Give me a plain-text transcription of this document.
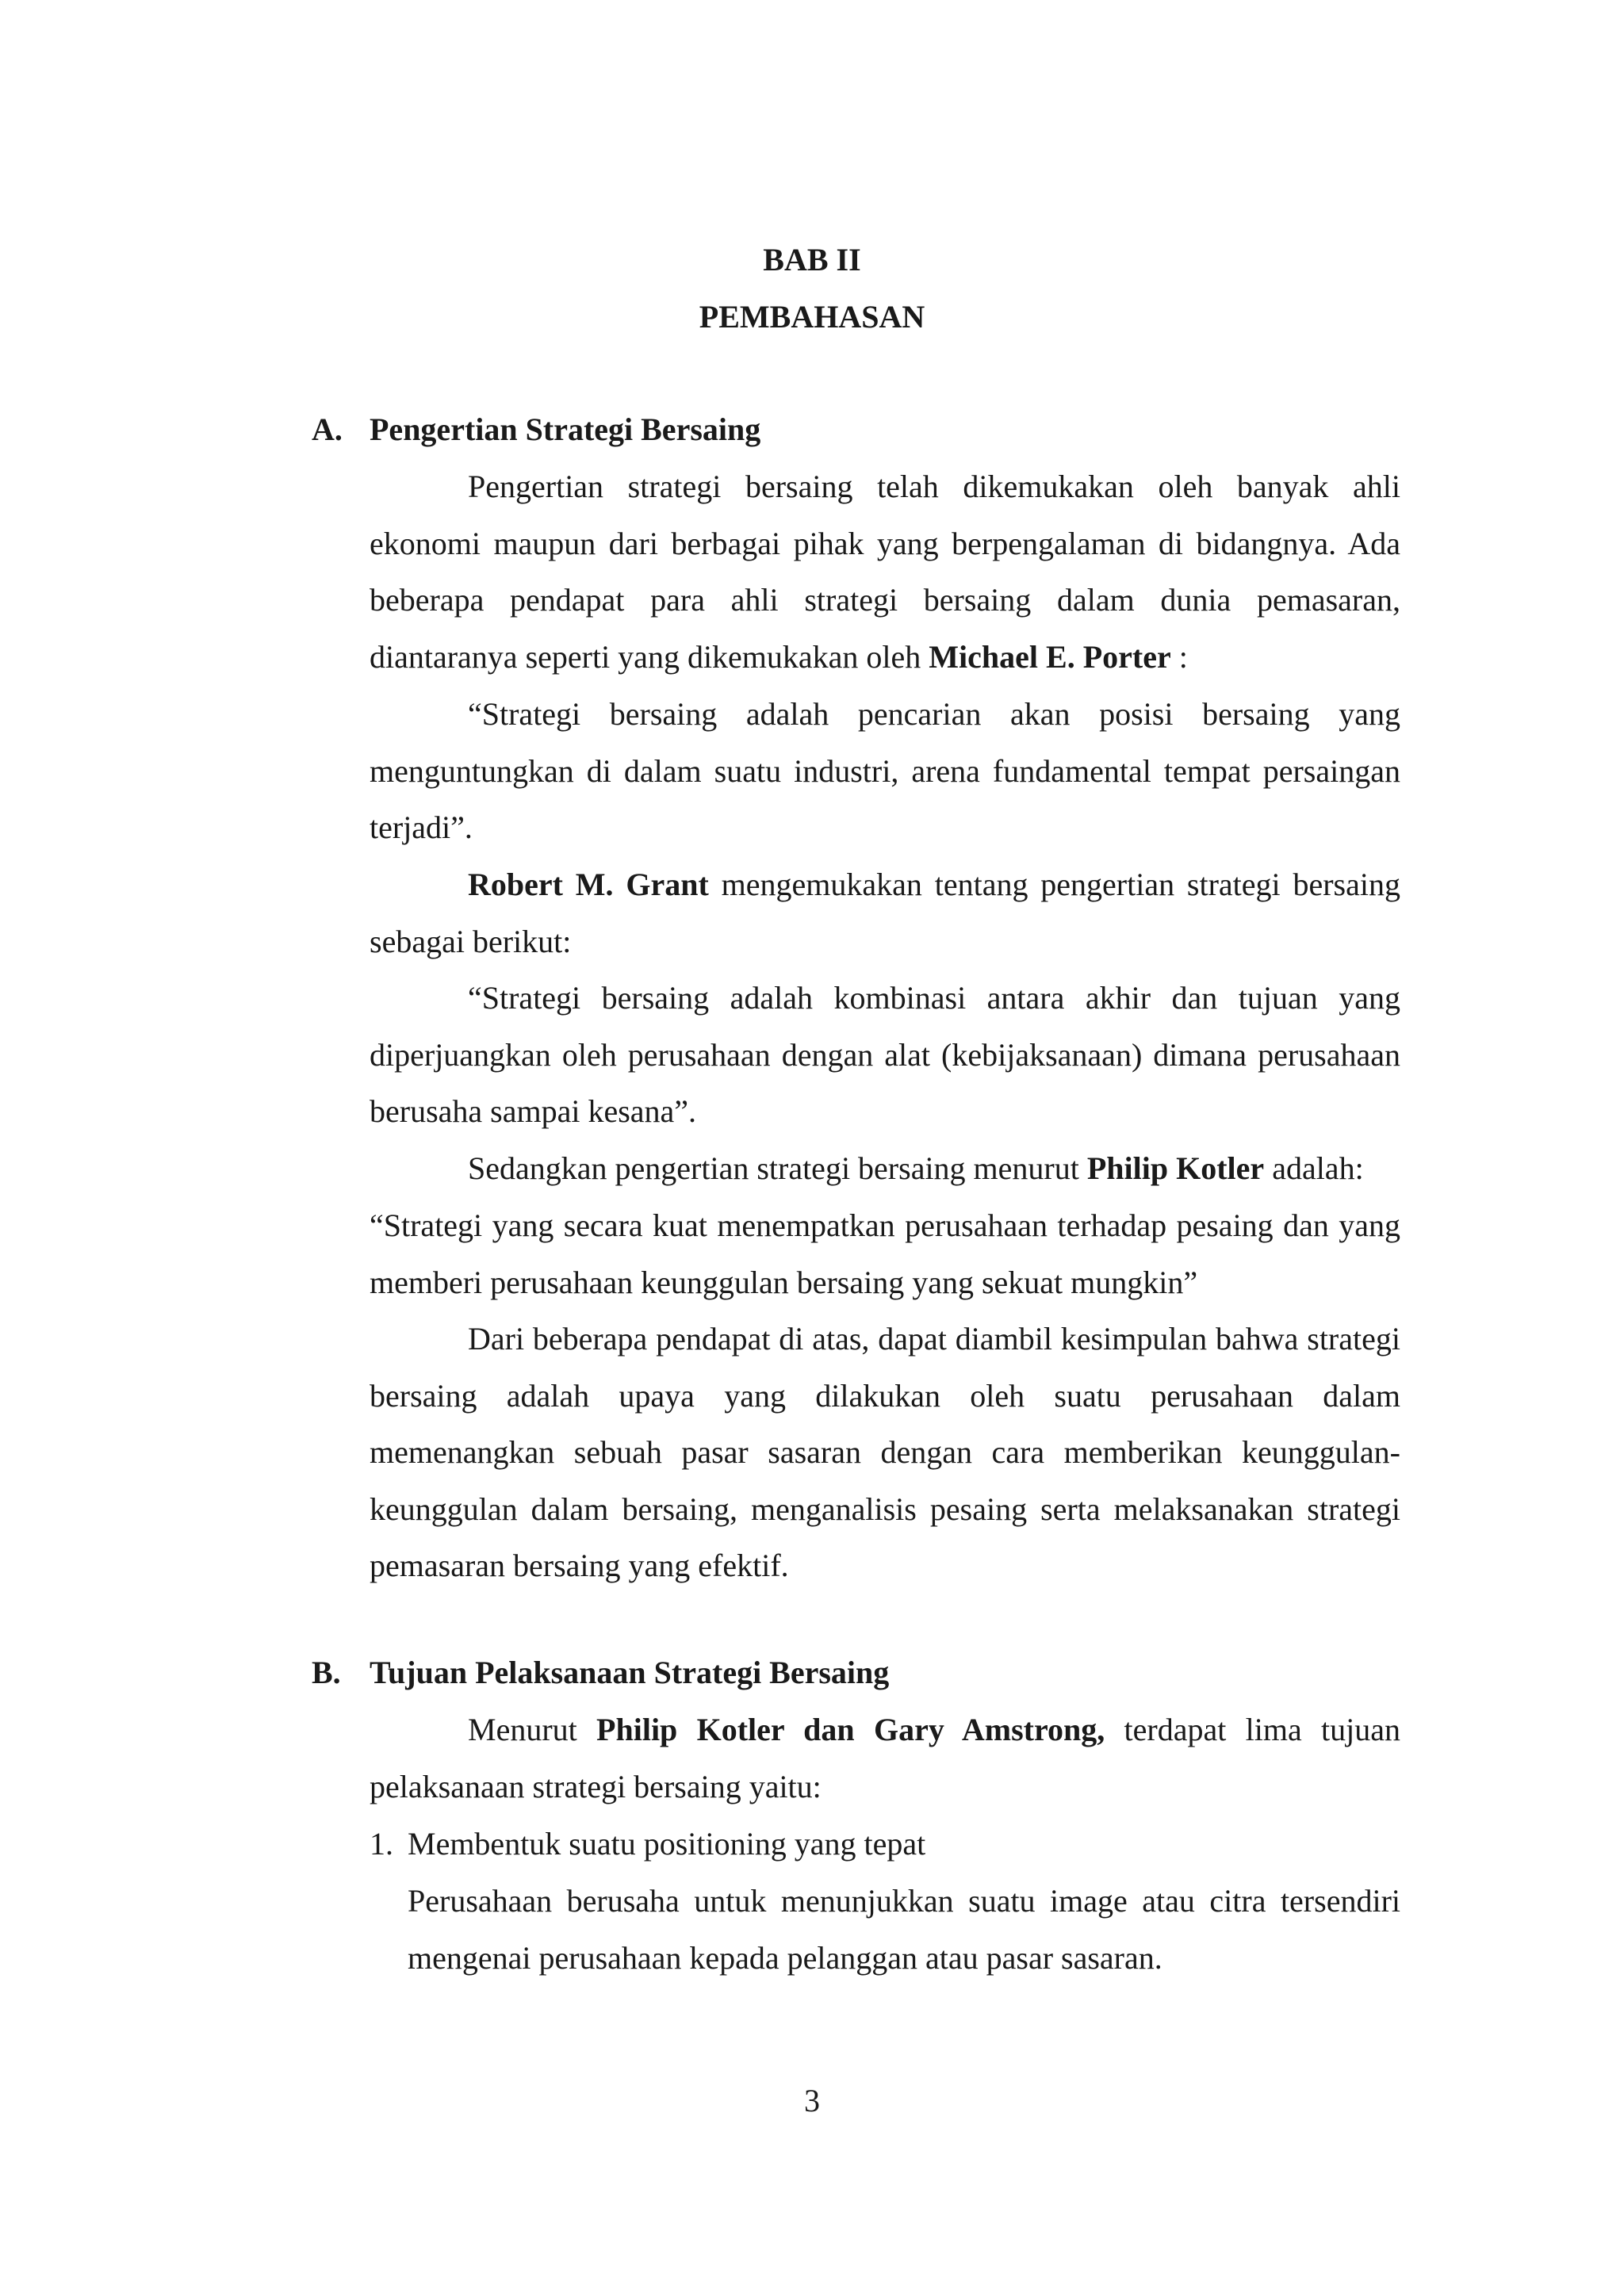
BAB II
PEMBAHASAN
A. Pengertian Strategi Bersaing

Pengertian strategi bersaing telah dikemukakan oleh banyak ahli ekonomi maupun dari berbagai pihak yang berpengalaman di bidangnya. Ada beberapa pendapat para ahli strategi bersaing dalam dunia pemasaran, diantaranya seperti yang dikemukakan oleh Michael E. Porter :

“Strategi bersaing adalah pencarian akan posisi bersaing yang menguntungkan di dalam suatu industri, arena fundamental tempat persaingan terjadi”.

Robert M. Grant mengemukakan tentang pengertian strategi bersaing sebagai berikut:

“Strategi bersaing adalah kombinasi antara akhir dan tujuan yang diperjuangkan oleh perusahaan dengan alat (kebijaksanaan) dimana perusahaan berusaha sampai kesana”.

Sedangkan pengertian strategi bersaing menurut Philip Kotler adalah:

“Strategi yang secara kuat menempatkan perusahaan terhadap pesaing dan yang memberi perusahaan keunggulan bersaing yang sekuat mungkin”

Dari beberapa pendapat di atas, dapat diambil kesimpulan bahwa strategi bersaing adalah upaya yang dilakukan oleh suatu perusahaan dalam memenangkan sebuah pasar sasaran dengan cara memberikan keunggulan-keunggulan dalam bersaing, menganalisis pesaing serta melaksanakan strategi pemasaran bersaing yang efektif.

B. Tujuan Pelaksanaan Strategi Bersaing

Menurut Philip Kotler dan Gary Amstrong, terdapat lima tujuan pelaksanaan strategi bersaing yaitu:

1. Membentuk suatu positioning yang tepat

Perusahaan berusaha untuk menunjukkan suatu image atau citra tersendiri mengenai perusahaan kepada pelanggan atau pasar sasaran.

3
